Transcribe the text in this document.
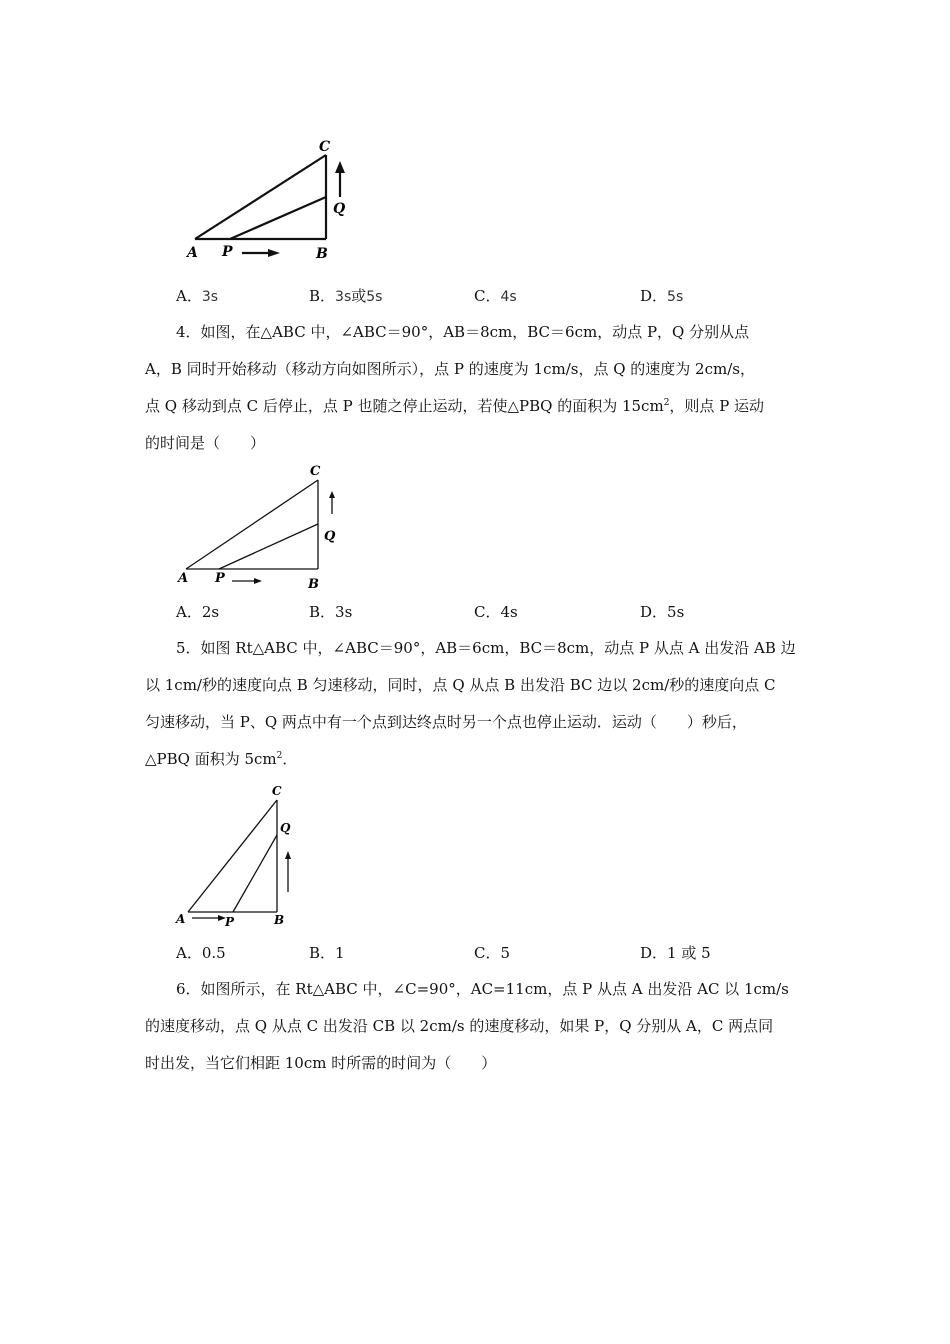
A P	B
C
Q
A．3s	B．3s或5s	C．4s	D．5s
4．如图，在△ABC 中，∠ABC＝90°，AB＝8cm，BC＝6cm，动点 P，Q 分别从点
A，B 同时开始移动（移动方向如图所示），点 P 的速度为 1cm/s，点 Q 的速度为 2cm/s，
点 Q 移动到点 C 后停止，点 P 也随之停止运动，若使△PBQ 的面积为 $15cm^2$，则点 P 运动
的时间是（　　）
A P	B
C
Q
A．2s	B．3s	C．4s	D．5s
5．如图 Rt△ABC 中，∠ABC＝90°，AB＝6cm，BC＝8cm，动点 P 从点 A 出发沿 AB 边
以 1cm/秒的速度向点 B 匀速移动，同时，点 Q 从点 B 出发沿 BC 边以 2cm/秒的速度向点 C
匀速移动，当 P、Q 两点中有一个点到达终点时另一个点也停止运动．运动（　　）秒后，
△PBQ 面积为 $5cm^2$．
A	P	B
C
Q
A．0.5	B．1	C．5	D．1 或 5
6．如图所示，在 Rt△ABC 中，∠C=90°，AC=11cm，点 P 从点 A 出发沿 AC 以 1cm/s
的速度移动，点 Q 从点 C 出发沿 CB 以 2cm/s 的速度移动，如果 P，Q 分别从 A，C 两点同
时出发，当它们相距 10cm 时所需的时间为（　　）
